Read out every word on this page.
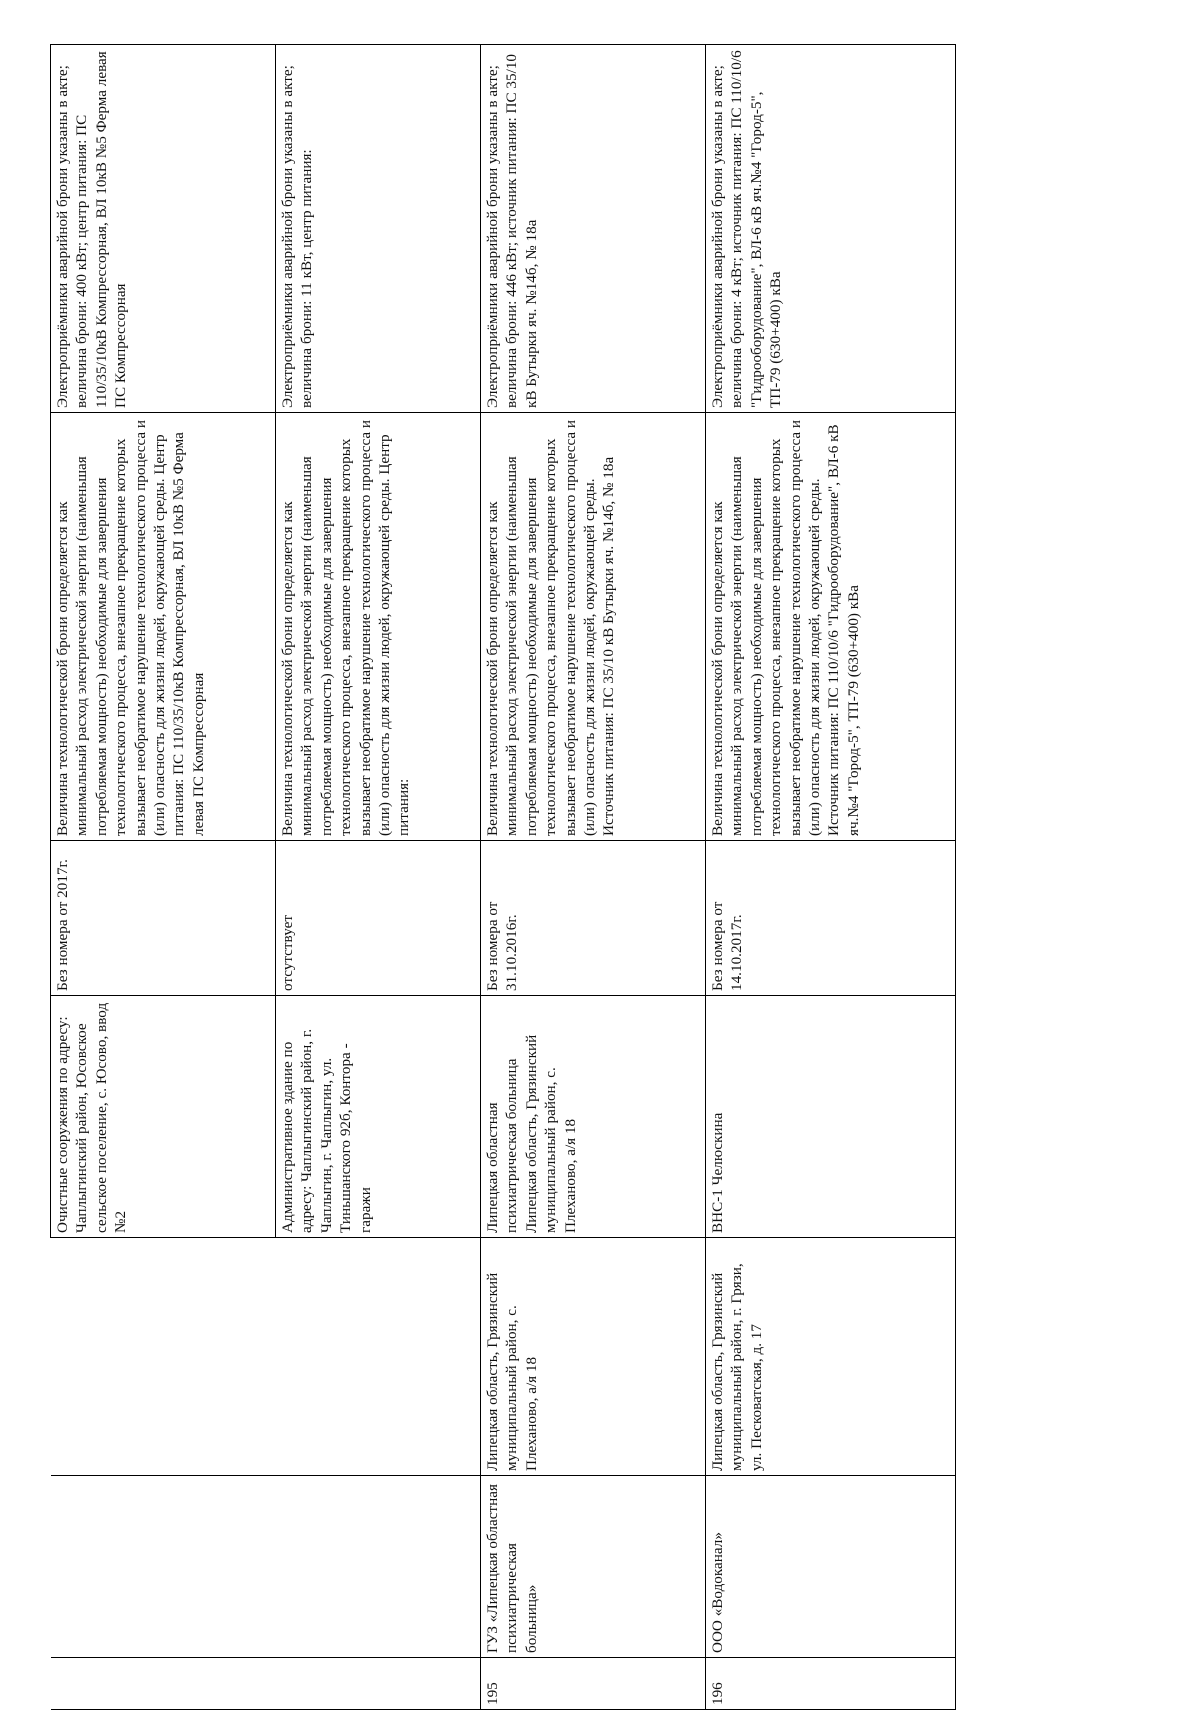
			Очистные сооружения по адресу: Чаплыгинский район, Юсовское сельское поселение, с. Юсово, ввод №2	Без номера от 2017г.	Величина технологической брони определяется как минимальный расход электрической энергии (наименьшая потребляемая мощность) необходимые для завершения технологического процесса, внезапное прекращение которых вызывает необратимое нарушение технологического процесса и (или) опасность для жизни людей, окружающей среды. Центр питания: ПС 110/35/10кВ Компрессорная, ВЛ 10кВ №5 Ферма левая ПС Компрессорная	Электроприёмники аварийной брони указаны в акте; величина брони: 400 кВт; центр питания: ПС 110/35/10кВ Компрессорная, ВЛ 10кВ №5 Ферма левая ПС Компрессорная
			Административное здание по адресу: Чаплыгинский район, г. Чаплыгин, г. Чаплыгин, ул. Тиньшанского 92б, Контора - гаражи	отсутствует	Величина технологической брони определяется как минимальный расход электрической энергии (наименьшая потребляемая мощность) необходимые для завершения технологического процесса, внезапное прекращение которых вызывает необратимое нарушение технологического процесса и (или) опасность для жизни людей, окружающей среды. Центр питания:	Электроприёмники аварийной брони указаны в акте; величина брони: 11 кВт, центр питания:
195	ГУЗ «Липецкая областная психиатрическая больница»	Липецкая область, Грязинский муниципальный район, с. Плеханово, а/я 18	Липецкая областная психиатрическая больница Липецкая область, Грязинский муниципальный район, с. Плеханово, а/я 18	Без номера от 31.10.2016г.	Величина технологической брони определяется как минимальный расход электрической энергии (наименьшая потребляемая мощность) необходимые для завершения технологического процесса, внезапное прекращение которых вызывает необратимое нарушение технологического процесса и (или) опасность для жизни людей, окружающей среды. Источник питания: ПС 35/10 кВ Бутырки яч. №14б, № 18а	Электроприёмники аварийной брони указаны в акте; величина брони: 446 кВт; источник питания: ПС 35/10 кВ Бутырки яч. №14б, № 18а
196	ООО «Водоканал»	Липецкая область, Грязинский муниципальный район, г. Грязи, ул. Песковатская, д. 17	ВНС-1 Челюскина	Без номера от 14.10.2017г.	Величина технологической брони определяется как минимальный расход электрической энергии (наименьшая потребляемая мощность) необходимые для завершения технологического процесса, внезапное прекращение которых вызывает необратимое нарушение технологического процесса и (или) опасность для жизни людей, окружающей среды. Источник питания: ПС 110/10/6 "Гидрооборудование", ВЛ-6 кВ яч.№4 "Город-5", ТП-79 (630+400) кВа	Электроприёмники аварийной брони указаны в акте; величина брони: 4 кВт; источник питания: ПС 110/10/6 "Гидрооборудование", ВЛ-6 кВ яч.№4 "Город-5", ТП-79 (630+400) кВа
